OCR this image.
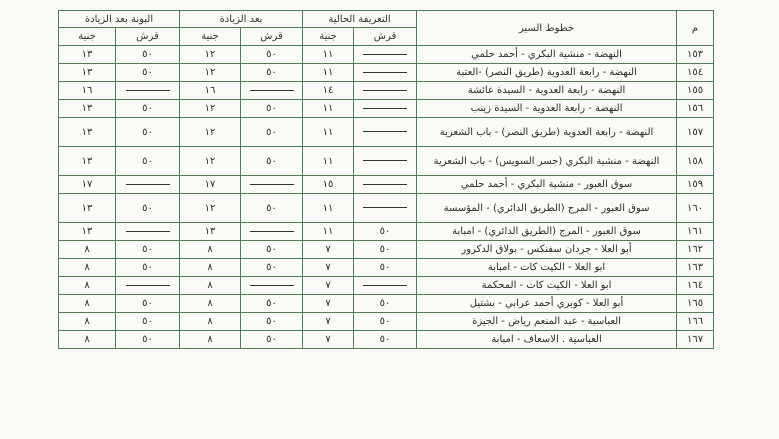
م	خطوط السير	التعريفة الحالية		بعد الزيادة		البونة بعد الزيادة	
		قرش	جنية	قرش	جنية	قرش	جنية
١٥٣	النهضة - منشية البكري - أحمد حلمي		١١	٥٠	١٢	٥٠	١٣
١٥٤	النهضة - رابعة العدوية (طريق النصر) -العتبة		١١	٥٠	١٢	٥٠	١٣
١٥٥	النهضة - رابعة العدوية - السيدة عائشة		١٤		١٦		١٦
١٥٦	النهضة - رابعة العدوية - السيدة زينب		١١	٥٠	١٢	٥٠	١٣
١٥٧	النهضة - رابعة العدوية (طريق النصر) - باب الشعرية		١١	٥٠	١٢	٥٠	١٣
١٥٨	النهضة - منشية البكري (جسر السويس) - باب الشعرية		١١	٥٠	١٢	٥٠	١٣
١٥٩	سوق العبور - منشية البكري - أحمد حلمي		١٥		١٧		١٧
١٦٠	سوق العبور - المرج (الطريق الدائري) - المؤسسة		١١	٥٠	١٢	٥٠	١٣
١٦١	سوق العبور - المرج (الطريق الدائري) - امبابة	٥٠	١١		١٣		١٣
١٦٢	أبو العلا - جردان سفنكس - بولاق الدكرور	٥٠	٧	٥٠	٨	٥٠	٨
١٦٣	ابو العلا - الكيت كات - امبابة	٥٠	٧	٥٠	٨	٥٠	٨
١٦٤	ابو العلا - الكيت كات - المحكمة		٧		٨		٨
١٦٥	أبو العلا - كوبري أحمد عرابي - بشتيل	٥٠	٧	٥٠	٨	٥٠	٨
١٦٦	العباسية - عبد المنعم رياض - الجيزة	٥٠	٧	٥٠	٨	٥٠	٨
١٦٧	العباسية . الاسعاف - امبابة	٥٠	٧	٥٠	٨	٥٠	٨
